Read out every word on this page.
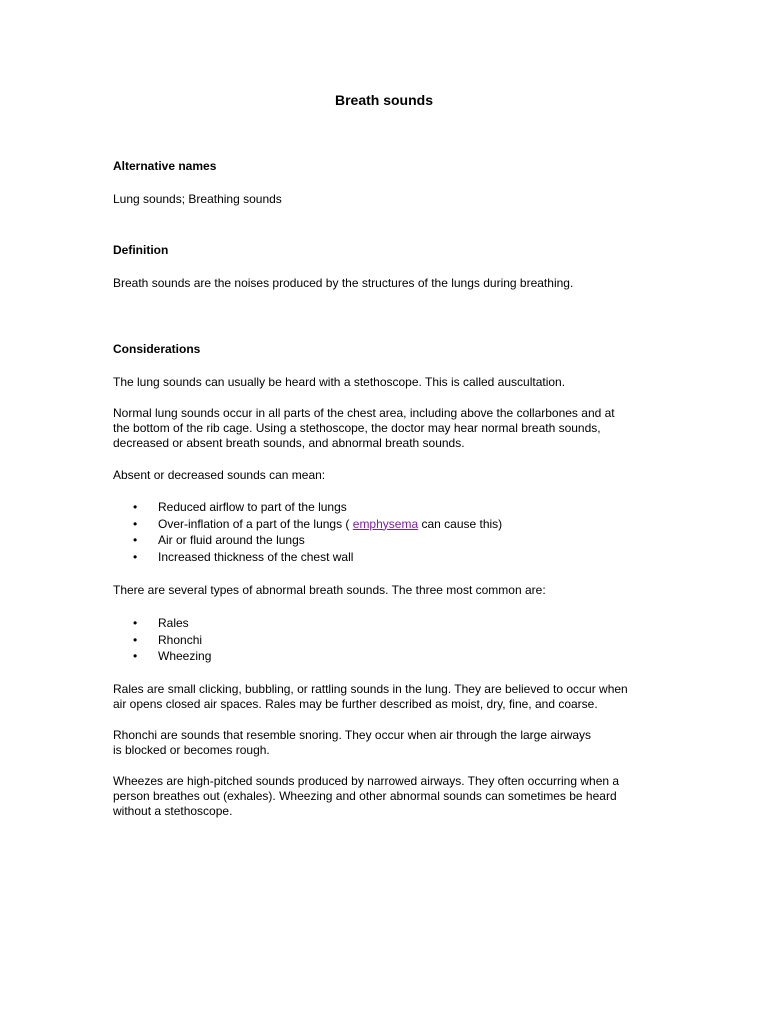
Breath sounds

Alternative names

Lung sounds; Breathing sounds

Definition

Breath sounds are the noises produced by the structures of the lungs during breathing.

Considerations

The lung sounds can usually be heard with a stethoscope. This is called auscultation.

Normal lung sounds occur in all parts of the chest area, including above the collarbones and at
the bottom of the rib cage. Using a stethoscope, the doctor may hear normal breath sounds,
decreased or absent breath sounds, and abnormal breath sounds.

Absent or decreased sounds can mean:

• Reduced airflow to part of the lungs
• Over-inflation of a part of the lungs ( emphysema can cause this)
• Air or fluid around the lungs
• Increased thickness of the chest wall

There are several types of abnormal breath sounds. The three most common are:

• Rales
• Rhonchi
• Wheezing
Rales are small clicking, bubbling, or rattling sounds in the lung. They are believed to occur when
air opens closed air spaces. Rales may be further described as moist, dry, fine, and coarse.
Rhonchi are sounds that resemble snoring. They occur when air through the large airways
is blocked or becomes rough.
Wheezes are high-pitched sounds produced by narrowed airways. They often occurring when a
person breathes out (exhales). Wheezing and other abnormal sounds can sometimes be heard
without a stethoscope.
